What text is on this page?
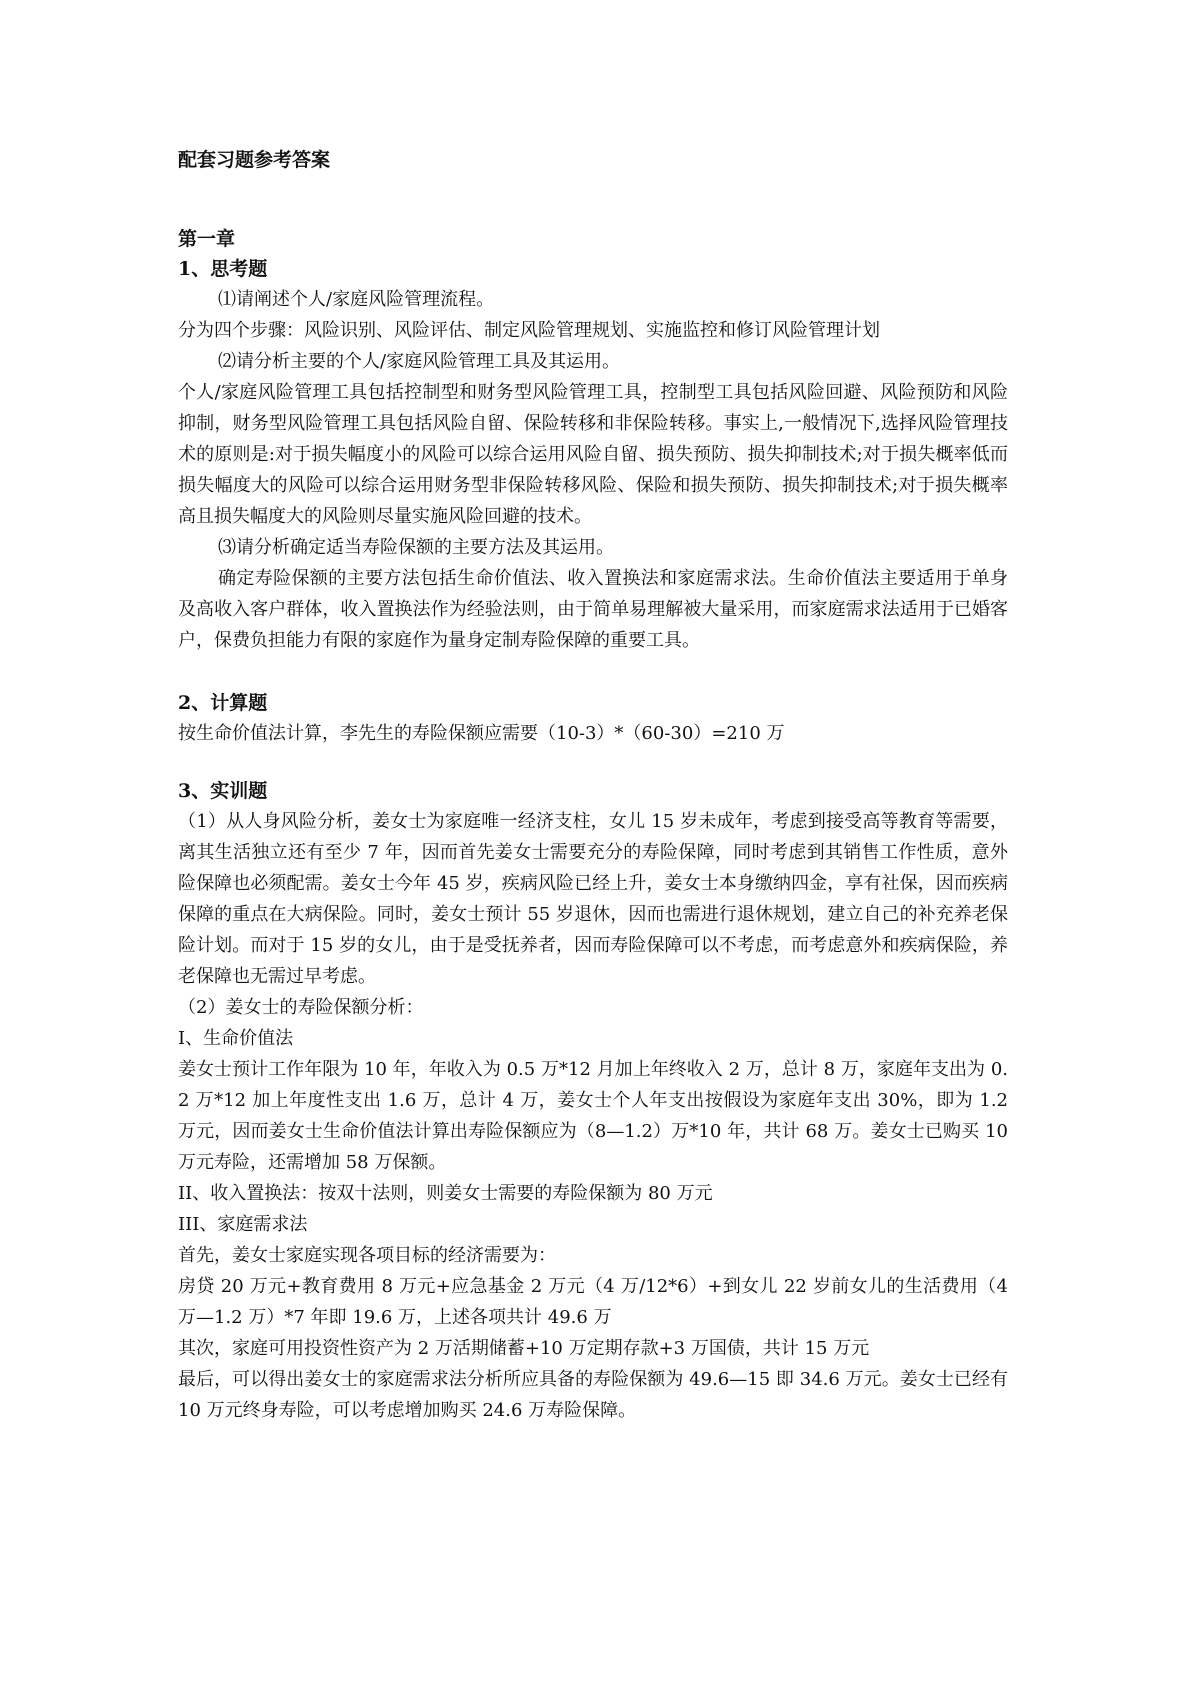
配套习题参考答案
第一章
1、思考题
⑴请阐述个人/家庭风险管理流程。
分为四个步骤：风险识别、风险评估、制定风险管理规划、实施监控和修订风险管理计划
⑵请分析主要的个人/家庭风险管理工具及其运用。
个人/家庭风险管理工具包括控制型和财务型风险管理工具，控制型工具包括风险回避、风险预防和风险抑制，财务型风险管理工具包括风险自留、保险转移和非保险转移。事实上,一般情况下,选择风险管理技术的原则是:对于损失幅度小的风险可以综合运用风险自留、损失预防、损失抑制技术;对于损失概率低而损失幅度大的风险可以综合运用财务型非保险转移风险、保险和损失预防、损失抑制技术;对于损失概率高且损失幅度大的风险则尽量实施风险回避的技术。
⑶请分析确定适当寿险保额的主要方法及其运用。
确定寿险保额的主要方法包括生命价值法、收入置换法和家庭需求法。生命价值法主要适用于单身及高收入客户群体，收入置换法作为经验法则，由于简单易理解被大量采用，而家庭需求法适用于已婚客户，保费负担能力有限的家庭作为量身定制寿险保障的重要工具。
2、计算题
按生命价值法计算，李先生的寿险保额应需要（10-3）*（60-30）=210 万
3、实训题
（1）从人身风险分析，姜女士为家庭唯一经济支柱，女儿 15 岁未成年，考虑到接受高等教育等需要，离其生活独立还有至少 7 年，因而首先姜女士需要充分的寿险保障，同时考虑到其销售工作性质，意外险保障也必须配需。姜女士今年 45 岁，疾病风险已经上升，姜女士本身缴纳四金，享有社保，因而疾病保障的重点在大病保险。同时，姜女士预计 55 岁退休，因而也需进行退休规划，建立自己的补充养老保险计划。而对于 15 岁的女儿，由于是受抚养者，因而寿险保障可以不考虑，而考虑意外和疾病保险，养老保障也无需过早考虑。
（2）姜女士的寿险保额分析：
I、生命价值法
姜女士预计工作年限为 10 年，年收入为 0.5 万*12 月加上年终收入 2 万，总计 8 万，家庭年支出为 0.2 万*12 加上年度性支出 1.6 万，总计 4 万，姜女士个人年支出按假设为家庭年支出 30%，即为 1.2 万元，因而姜女士生命价值法计算出寿险保额应为（8—1.2）万*10 年，共计 68 万。姜女士已购买 10 万元寿险，还需增加 58 万保额。
II、收入置换法：按双十法则，则姜女士需要的寿险保额为 80 万元
III、家庭需求法
首先，姜女士家庭实现各项目标的经济需要为：
房贷 20 万元+教育费用 8 万元+应急基金 2 万元（4 万/12*6）+到女儿 22 岁前女儿的生活费用（4 万—1.2 万）*7 年即 19.6 万，上述各项共计 49.6 万
其次，家庭可用投资性资产为 2 万活期储蓄+10 万定期存款+3 万国债，共计 15 万元
最后，可以得出姜女士的家庭需求法分析所应具备的寿险保额为 49.6—15 即 34.6 万元。姜女士已经有 10 万元终身寿险，可以考虑增加购买 24.6 万寿险保障。
